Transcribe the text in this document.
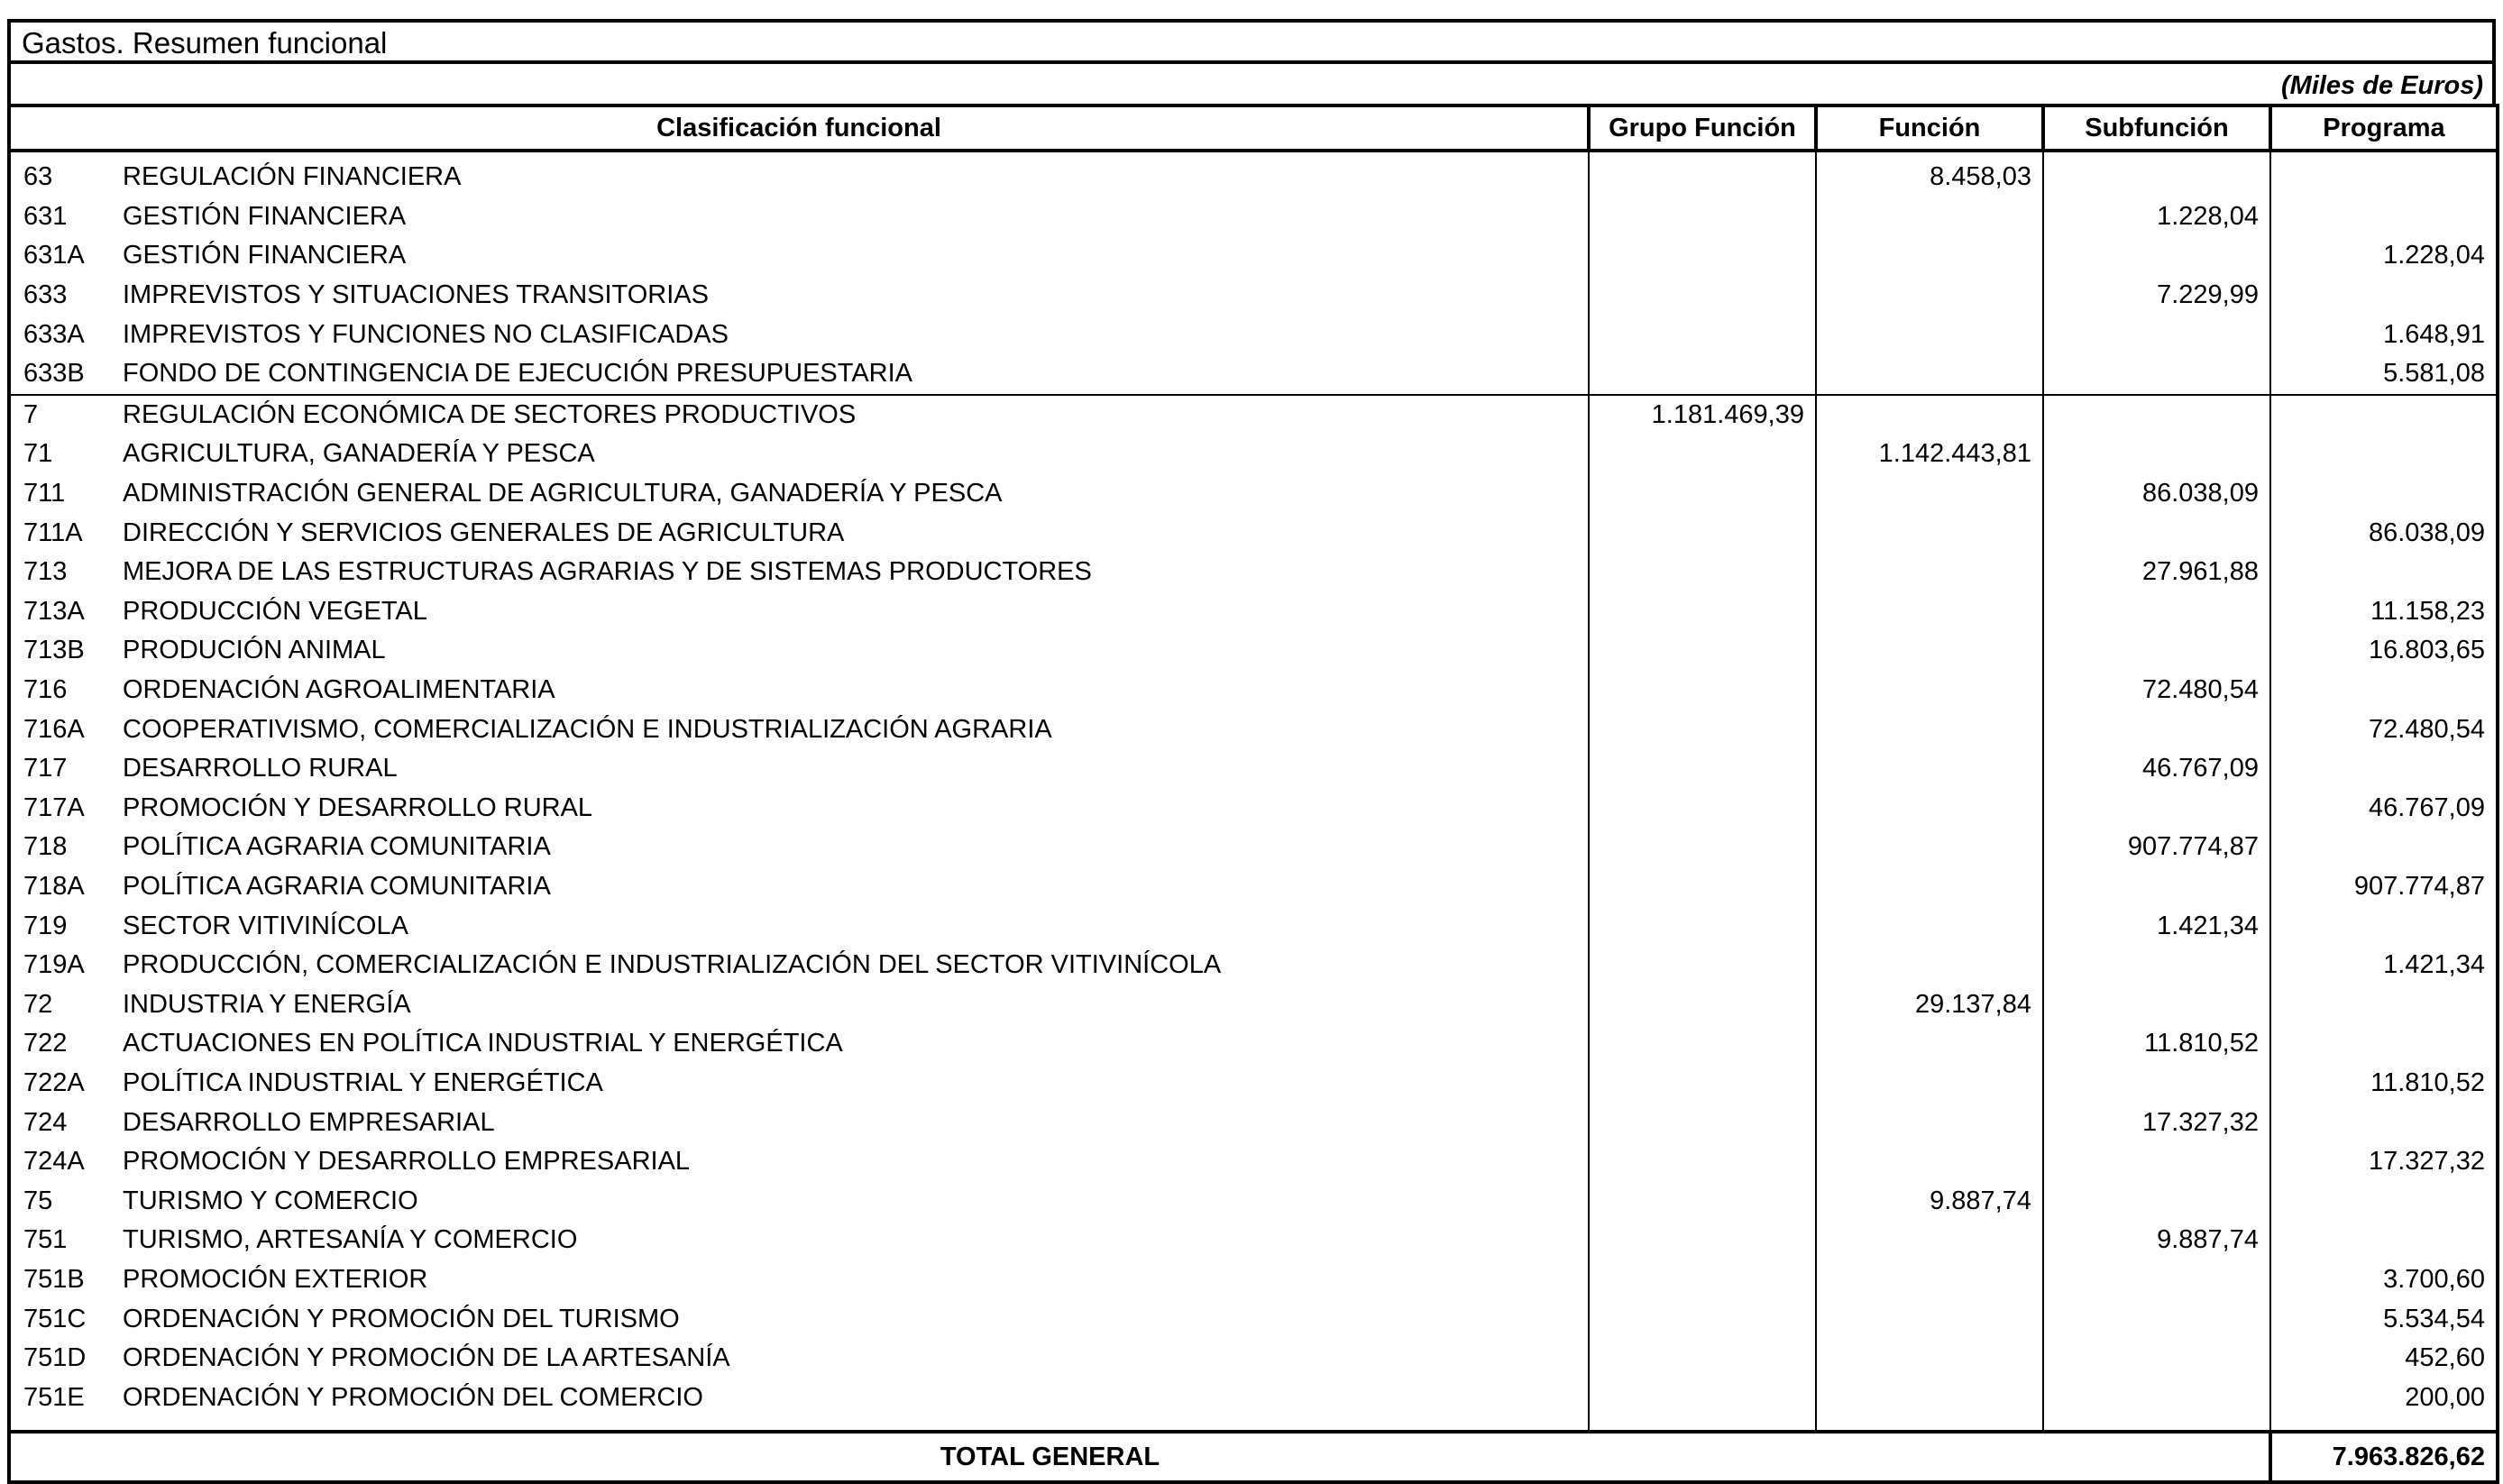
Gastos. Resumen funcional
(Miles de Euros)
Clasificación funcional	Grupo Función	Función	Subfunción	Programa
63 REGULACIÓN FINANCIERA		8.458,03		
631 GESTIÓN FINANCIERA			1.228,04	
631A GESTIÓN FINANCIERA				1.228,04
633 IMPREVISTOS Y SITUACIONES TRANSITORIAS			7.229,99	
633A IMPREVISTOS Y FUNCIONES NO CLASIFICADAS				1.648,91
633B FONDO DE CONTINGENCIA DE EJECUCIÓN PRESUPUESTARIA				5.581,08
7 REGULACIÓN ECONÓMICA DE SECTORES PRODUCTIVOS	1.181.469,39			
71 AGRICULTURA, GANADERÍA Y PESCA		1.142.443,81		
711 ADMINISTRACIÓN GENERAL DE AGRICULTURA, GANADERÍA Y PESCA			86.038,09	
711A DIRECCIÓN Y SERVICIOS GENERALES DE AGRICULTURA				86.038,09
713 MEJORA DE LAS ESTRUCTURAS AGRARIAS Y DE SISTEMAS PRODUCTORES			27.961,88	
713A PRODUCCIÓN VEGETAL				11.158,23
713B PRODUCIÓN ANIMAL				16.803,65
716 ORDENACIÓN AGROALIMENTARIA			72.480,54	
716A COOPERATIVISMO, COMERCIALIZACIÓN E INDUSTRIALIZACIÓN AGRARIA				72.480,54
717 DESARROLLO RURAL			46.767,09	
717A PROMOCIÓN Y DESARROLLO RURAL				46.767,09
718 POLÍTICA AGRARIA COMUNITARIA			907.774,87	
718A POLÍTICA AGRARIA COMUNITARIA				907.774,87
719 SECTOR VITIVINÍCOLA			1.421,34	
719A PRODUCCIÓN, COMERCIALIZACIÓN E INDUSTRIALIZACIÓN DEL SECTOR VITIVINÍCOLA				1.421,34
72 INDUSTRIA Y ENERGÍA		29.137,84		
722 ACTUACIONES EN POLÍTICA INDUSTRIAL Y ENERGÉTICA			11.810,52	
722A POLÍTICA INDUSTRIAL Y ENERGÉTICA				11.810,52
724 DESARROLLO EMPRESARIAL			17.327,32	
724A PROMOCIÓN Y DESARROLLO EMPRESARIAL				17.327,32
75 TURISMO Y COMERCIO		9.887,74		
751 TURISMO, ARTESANÍA Y COMERCIO			9.887,74	
751B PROMOCIÓN EXTERIOR				3.700,60
751C ORDENACIÓN Y PROMOCIÓN DEL TURISMO				5.534,54
751D ORDENACIÓN Y PROMOCIÓN DE LA ARTESANÍA				452,60
751E ORDENACIÓN Y PROMOCIÓN DEL COMERCIO				200,00
TOTAL GENERAL				7.963.826,62
